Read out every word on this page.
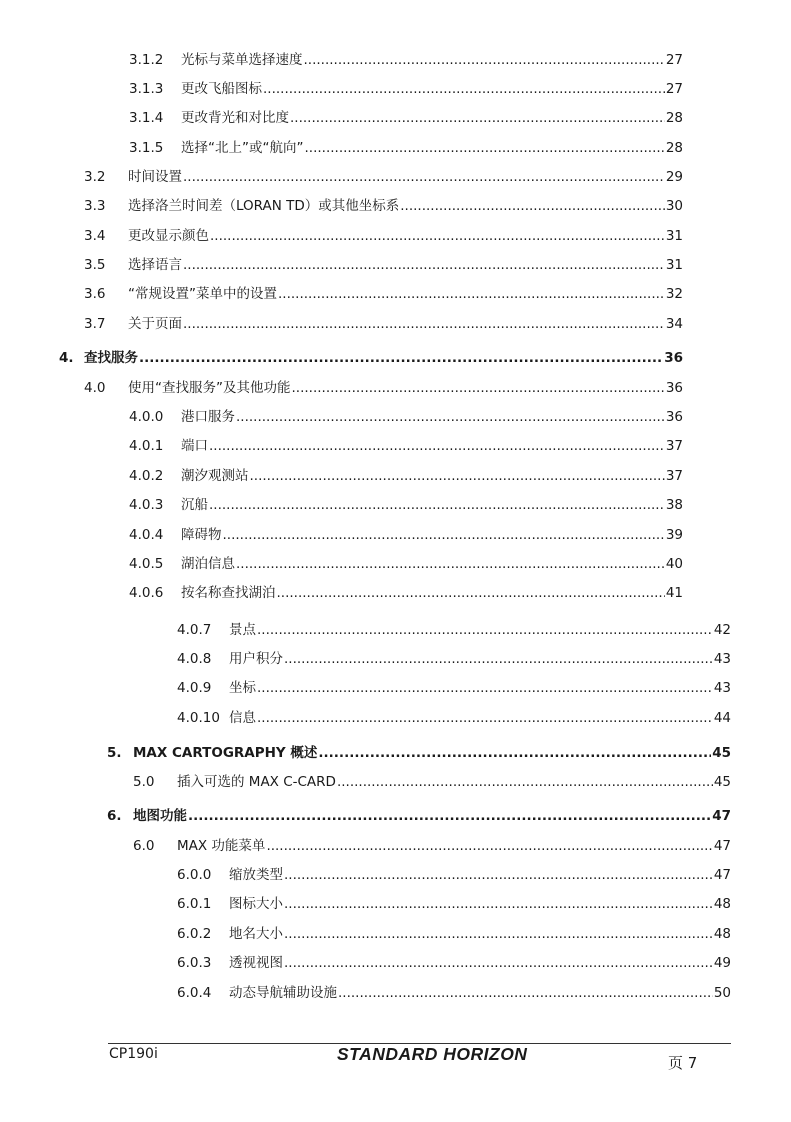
3.1.2	光标与菜单选择速度 .....	27
3.1.3	更改飞船图标 .....	27
3.1.4	更改背光和对比度 .....	28
3.1.5	选择“北上”或“航向” .....	28
3.2	时间设置 .....	29
3.3	选择洛兰时间差（LORAN TD）或其他坐标系 .....	30
3.4	更改显示颜色 .....	31
3.5	选择语言 .....	31
3.6	“常规设置”菜单中的设置 .....	32
3.7	关于页面 .....	34
4. 查找服务 .....	36
4.0	使用“查找服务”及其他功能 .....	36
4.0.0	港口服务 .....	36
4.0.1	端口 .....	37
4.0.2	潮汐观测站 .....	37
4.0.3	沉船 .....	38
4.0.4	障碍物 .....	39
4.0.5	湖泊信息 .....	40
4.0.6	按名称查找湖泊 .....	41
4.0.7	景点 .....	42
4.0.8	用户积分 .....	43
4.0.9	坐标 .....	43
4.0.10 信息 .....	44
5. MAX CARTOGRAPHY 概述 .....	45
5.0	插入可选的 MAX C-CARD .....	45
6. 地图功能 .....	47
6.0	MAX 功能菜单 .....	47
6.0.0	缩放类型 .....	47
6.0.1	图标大小 .....	48
6.0.2	地名大小 .....	48
6.0.3	透视视图 .....	49
6.0.4	动态导航辅助设施 .....	50
CP190i	STANDARD HORIZON	页 7
